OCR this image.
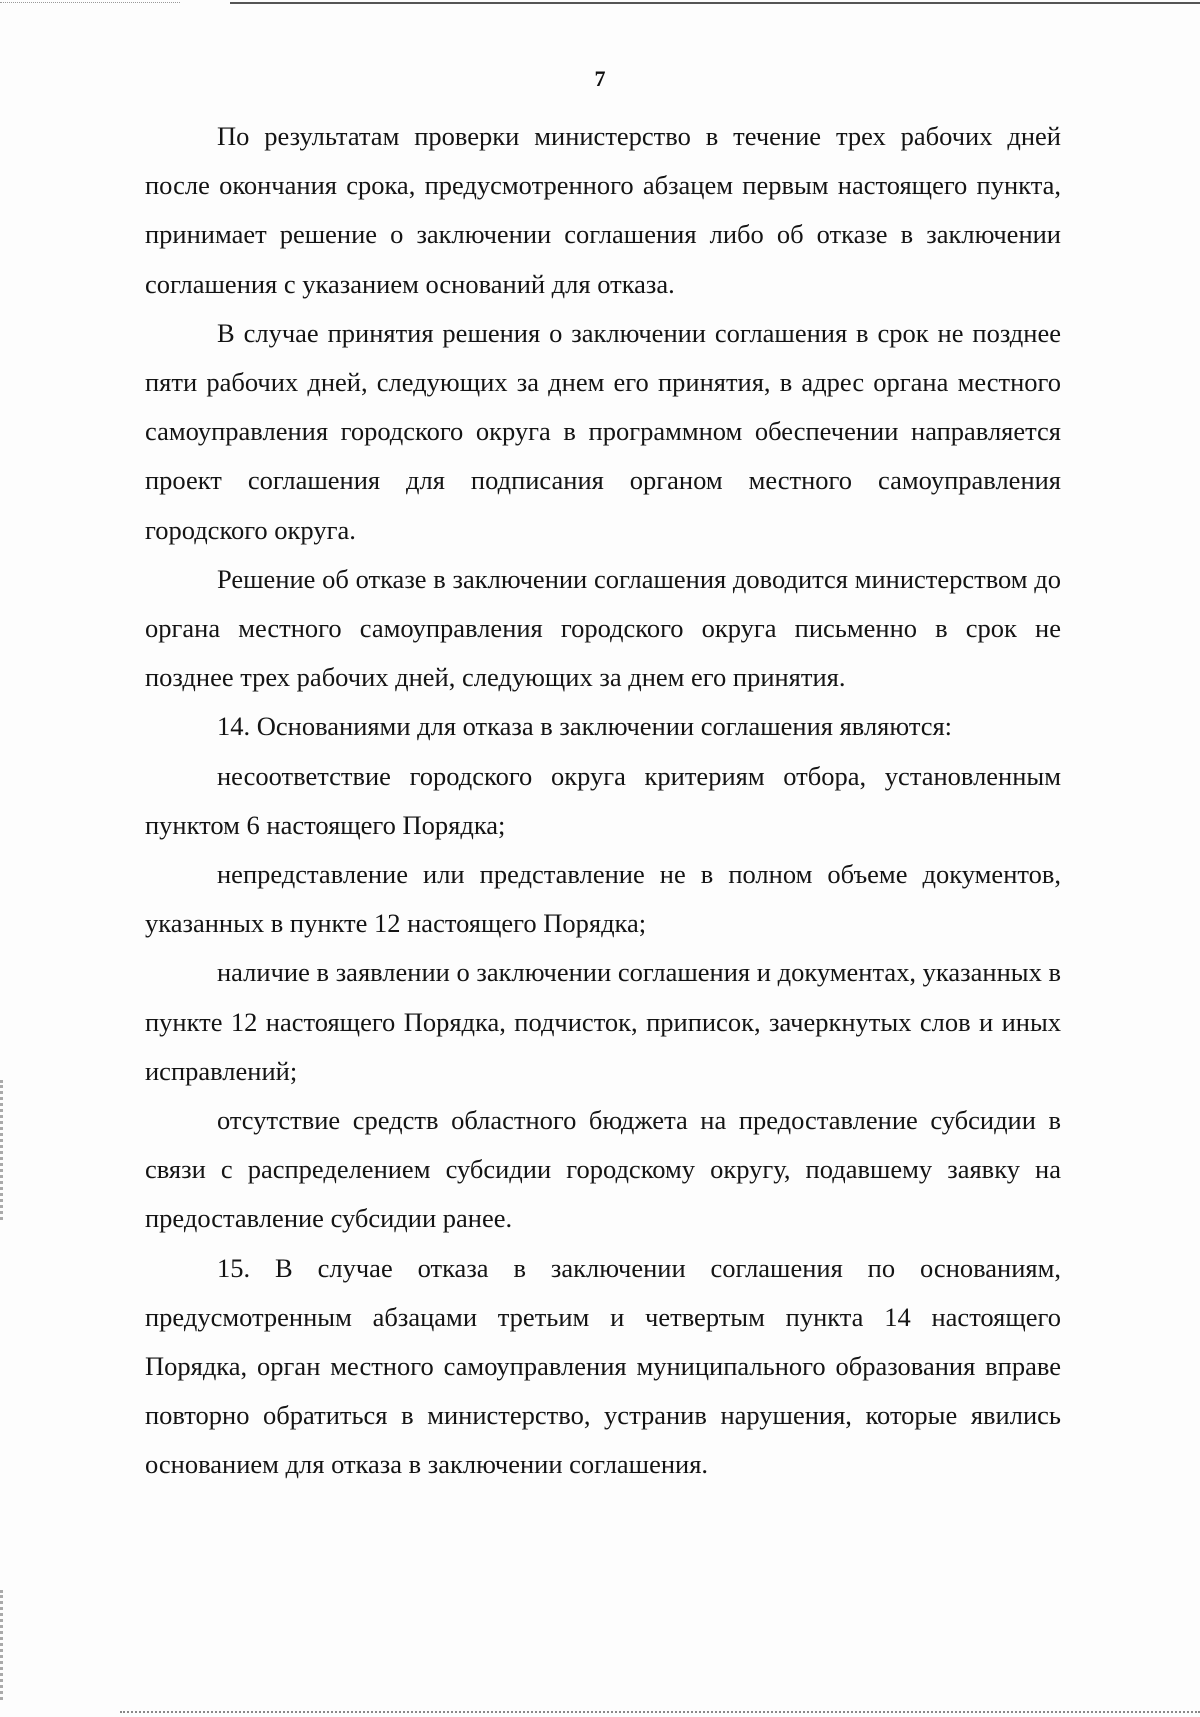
7

По результатам проверки министерство в течение трех рабочих дней после окончания срока, предусмотренного абзацем первым настоящего пункта, принимает решение о заключении соглашения либо об отказе в заключении соглашения с указанием оснований для отказа.

В случае принятия решения о заключении соглашения в срок не позднее пяти рабочих дней, следующих за днем его принятия, в адрес органа местного самоуправления городского округа в программном обеспечении направляется проект соглашения для подписания органом местного самоуправления городского округа.

Решение об отказе в заключении соглашения доводится министерством до органа местного самоуправления городского округа письменно в срок не позднее трех рабочих дней, следующих за днем его принятия.

14. Основаниями для отказа в заключении соглашения являются:

несоответствие городского округа критериям отбора, установленным пунктом 6 настоящего Порядка;

непредставление или представление не в полном объеме документов, указанных в пункте 12 настоящего Порядка;

наличие в заявлении о заключении соглашения и документах, указанных в пункте 12 настоящего Порядка, подчисток, приписок, зачеркнутых слов и иных исправлений;

отсутствие средств областного бюджета на предоставление субсидии в связи с распределением субсидии городскому округу, подавшему заявку на предоставление субсидии ранее.

15. В случае отказа в заключении соглашения по основаниям, предусмотренным абзацами третьим и четвертым пункта 14 настоящего Порядка, орган местного самоуправления муниципального образования вправе повторно обратиться в министерство, устранив нарушения, которые явились основанием для отказа в заключении соглашения.
